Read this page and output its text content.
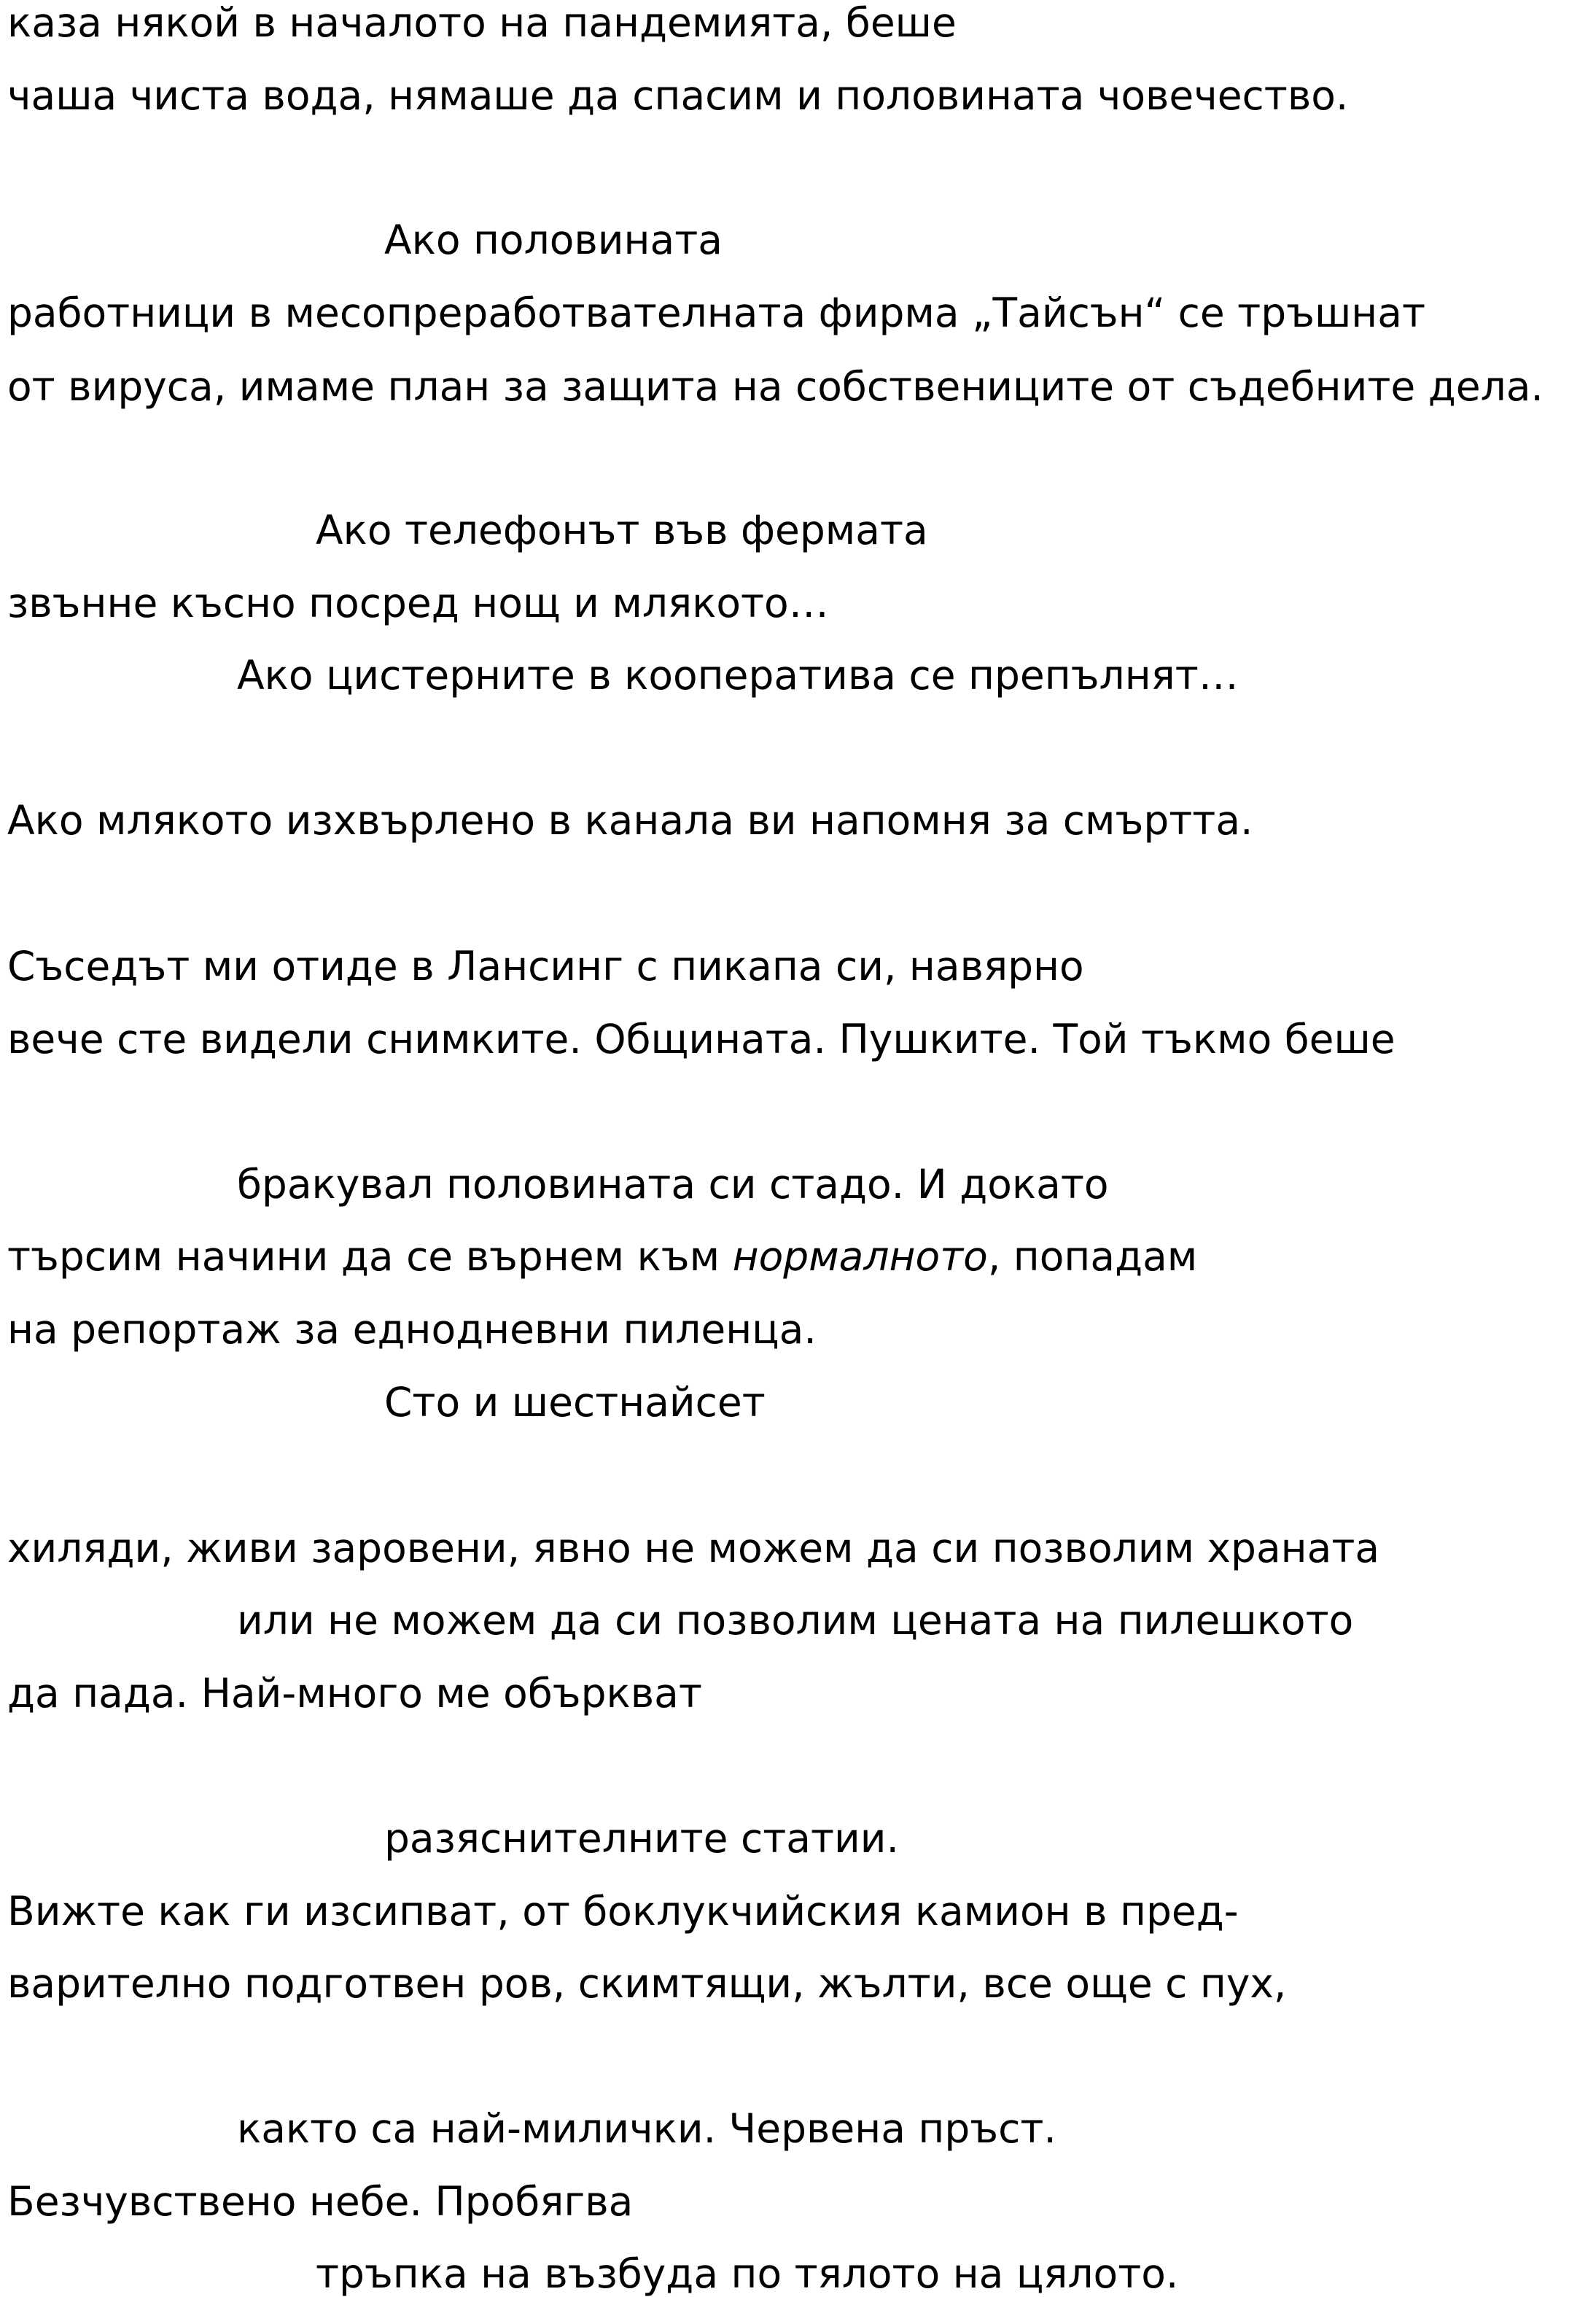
каза някой в началото на пандемията, беше

чаша чиста вода, нямаше да спасим и половината човечество.

Ако половината

работници в месопреработвателната фирма „Тайсън“ се тръшнат

от вируса, имаме план за защита на собствениците от съдебните дела.

Ако телефонът във фермата

звънне късно посред нощ и млякото…

Ако цистерните в кооператива се препълнят…

Ако млякото изхвърлено в канала ви напомня за смъртта.

Съседът ми отиде в Лансинг с пикапа си, навярно

вече сте видели снимките. Общината. Пушките. Той тъкмо беше

бракувал половината си стадо. И докато

търсим начини да се върнем към нормалното, попадам

на репортаж за еднодневни пиленца.

Сто и шестнайсет

хиляди, живи заровени, явно не можем да си позволим храната

или не можем да си позволим цената на пилешкото

да пада. Най-много ме объркват

разяснителните статии.

Вижте как ги изсипват, от боклукчийския камион в пред-

варително подготвен ров, скимтящи, жълти, все още с пух,

както са най-милички. Червена пръст.

Безчувствено небе. Пробягва

тръпка на възбуда по тялото на цялото.
